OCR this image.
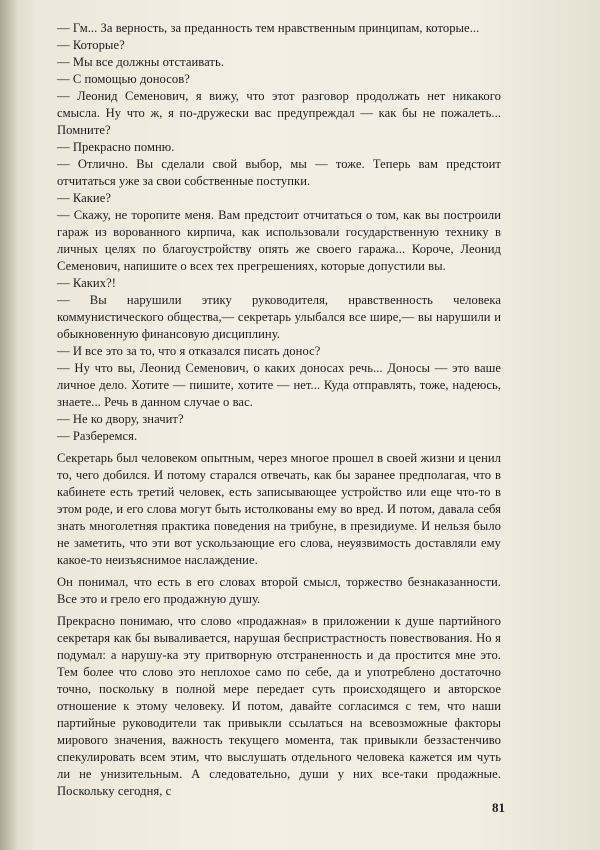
— Гм... За верность, за преданность тем нравственным принципам, которые...

— Которые?

— Мы все должны отстаивать.

— С помощью доносов?

— Леонид Семенович, я вижу, что этот разговор продолжать нет никакого смысла. Ну что ж, я по-дружески вас предупреждал — как бы не пожалеть... Помните?

— Прекрасно помню.

— Отлично. Вы сделали свой выбор, мы — тоже. Теперь вам предстоит отчитаться уже за свои собственные поступки.

— Какие?

— Скажу, не торопите меня. Вам предстоит отчитаться о том, как вы построили гараж из ворованного кирпича, как использовали государственную технику в личных целях по благоустройству опять же своего гаража... Короче, Леонид Семенович, напишите о всех тех прегрешениях, которые допустили вы.

— Каких?!

— Вы нарушили этику руководителя, нравственность человека коммунистического общества,— секретарь улыбался все шире,— вы нарушили и обыкновенную финансовую дисциплину.

— И все это за то, что я отказался писать донос?

— Ну что вы, Леонид Семенович, о каких доносах речь... Доносы — это ваше личное дело. Хотите — пишите, хотите — нет... Куда отправлять, тоже, надеюсь, знаете... Речь в данном случае о вас.

— Не ко двору, значит?

— Разберемся.

Секретарь был человеком опытным, через многое прошел в своей жизни и ценил то, чего добился. И потому старался отвечать, как бы заранее предполагая, что в кабинете есть третий человек, есть записывающее устройство или еще что-то в этом роде, и его слова могут быть истолкованы ему во вред. И потом, давала себя знать многолетняя практика поведения на трибуне, в президиуме. И нельзя было не заметить, что эти вот ускользающие его слова, неуязвимость доставляли ему какое-то неизъяснимое наслаждение.

Он понимал, что есть в его словах второй смысл, торжество безнаказанности. Все это и грело его продажную душу.

Прекрасно понимаю, что слово «продажная» в приложении к душе партийного секретаря как бы вываливается, нарушая беспристрастность повествования. Но я подумал: а нарушу-ка эту притворную отстраненность и да простится мне это. Тем более что слово это неплохое само по себе, да и употреблено достаточно точно, поскольку в полной мере передает суть происходящего и авторское отношение к этому человеку. И потом, давайте согласимся с тем, что наши партийные руководители так привыкли ссылаться на всевозможные факторы мирового значения, важность текущего момента, так привыкли беззастенчиво спекулировать всем этим, что выслушать отдельного человека кажется им чуть ли не унизительным. А следовательно, души у них все-таки продажные. Поскольку сегодня, с

81
